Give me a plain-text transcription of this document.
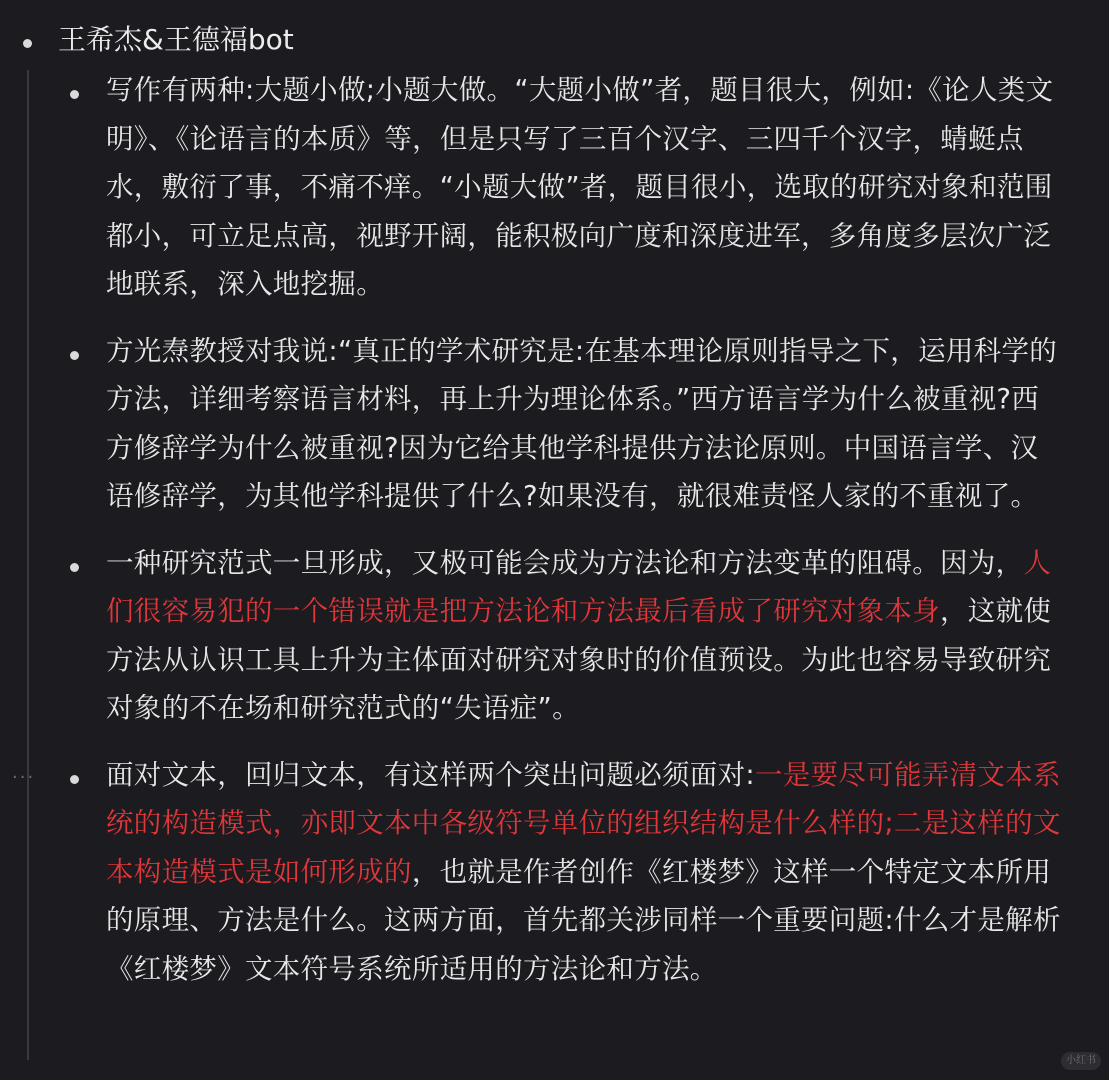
王希杰&王德福bot
写作有两种:大题小做;小题大做。“大题小做”者，题目很大，例如:《论人类文明》、《论语言的本质》等，但是只写了三百个汉字、三四千个汉字，蜻蜓点水，敷衍了事，不痛不痒。“小题大做”者，题目很小，选取的研究对象和范围都小，可立足点高，视野开阔，能积极向广度和深度进军，多角度多层次广泛地联系，深入地挖掘。
方光焘教授对我说:“真正的学术研究是:在基本理论原则指导之下，运用科学的方法，详细考察语言材料，再上升为理论体系。”西方语言学为什么被重视?西方修辞学为什么被重视?因为它给其他学科提供方法论原则。中国语言学、汉语修辞学，为其他学科提供了什么?如果没有，就很难责怪人家的不重视了。
一种研究范式一旦形成，又极可能会成为方法论和方法变革的阻碍。因为，人们很容易犯的一个错误就是把方法论和方法最后看成了研究对象本身，这就使方法从认识工具上升为主体面对研究对象时的价值预设。为此也容易导致研究对象的不在场和研究范式的“失语症”。
···	面对文本，回归文本，有这样两个突出问题必须面对:一是要尽可能弄清文本系统的构造模式，亦即文本中各级符号单位的组织结构是什么样的;二是这样的文本构造模式是如何形成的，也就是作者创作《红楼梦》这样一个特定文本所用的原理、方法是什么。这两方面，首先都关涉同样一个重要问题:什么才是解析《红楼梦》文本符号系统所适用的方法论和方法。
小红书
